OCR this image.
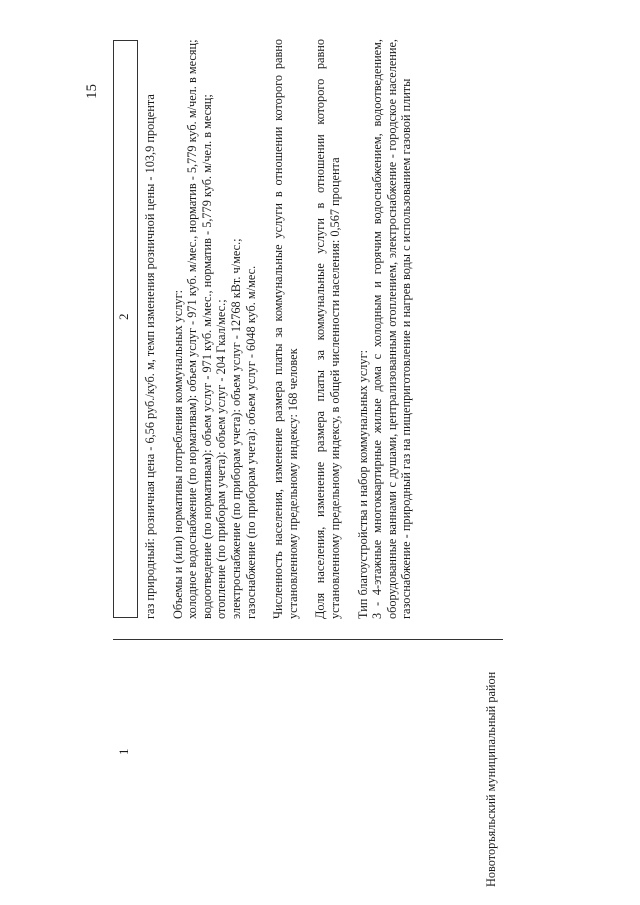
15
1
2 газ природный: розничная цена - 6,56 руб./куб. м, темп изменения розничной цены - 103,9 процента Объемы и (или) нормативы потребления коммунальных услуг: холодное водоснабжение (по нормативам): объем услуг - 971 куб. м/мес., норматив - 5,779 куб. м/чел. в месяц; водоотведение (по нормативам): объем услуг - 971 куб. м/мес., норматив - 5,779 куб. м/чел. в месяц; отопление (по приборам учета): объем услуг - 204 Гкал/мес.; электроснабжение (по приборам учета): объем услуг - 12768 кВт. ч/мес.; газоснабжение (по приборам учета): объем услуг - 6048 куб. м/мес. Численность населения, изменение размера платы за коммунальные услуги в отношении которого равно установленному предельному индексу: 168 человек Доля населения, изменение размера платы за коммунальные услуги в отношении которого равно установленному предельному индексу, в общей численности населения: 0,567 процента Тип благоустройства и набор коммунальных услуг: 3 - 4-этажные многоквартирные жилые дома с холодным и горячим водоснабжением, водоотведением, оборудованные ваннами с душами, централизованным отоплением, электроснабжение - городское население, газоснабжение - природный газ на пищеприготовление и нагрев воды с использованием газовой плиты

Новоторъяльский муниципальный район
